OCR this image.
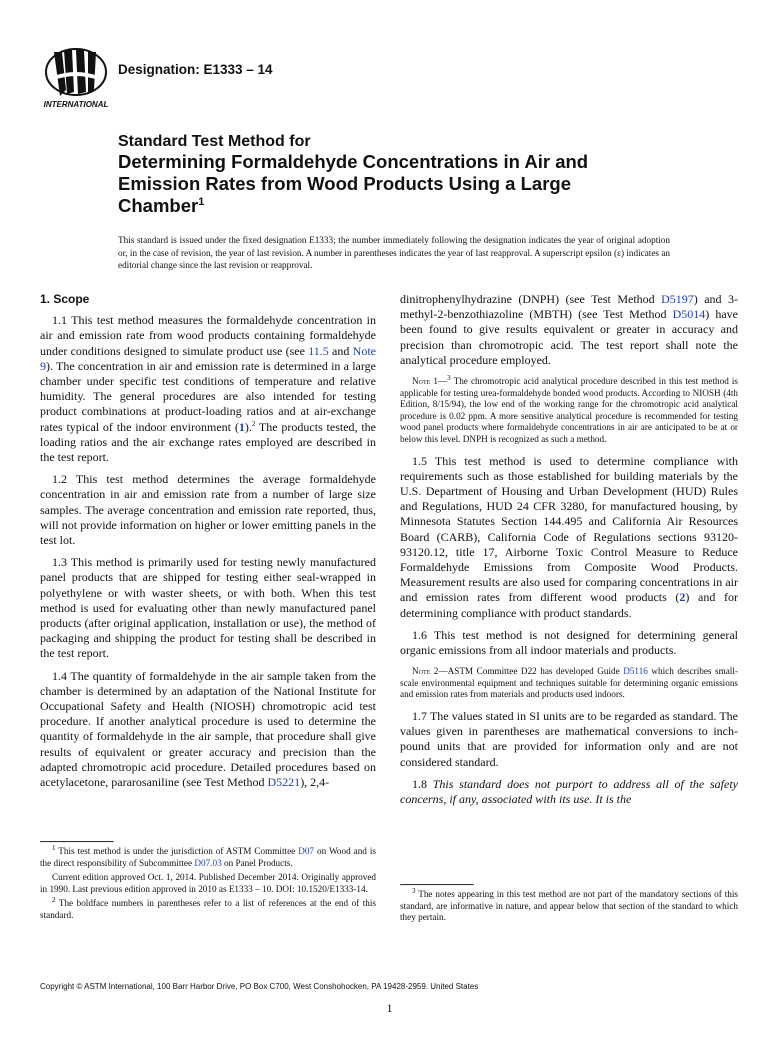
INTERNATIONAL
Designation: E1333 – 14
Standard Test Method for
Determining Formaldehyde Concentrations in Air and
Emission Rates from Wood Products Using a Large
Chamber$^1$
This standard is issued under the fixed designation E1333; the number immediately following the designation indicates the year of original adoption or, in the case of revision, the year of last revision. A number in parentheses indicates the year of last reapproval. A superscript epsilon (ε) indicates an editorial change since the last revision or reapproval.
1. Scope

1.1 This test method measures the formaldehyde concentration in air and emission rate from wood products containing formaldehyde under conditions designed to simulate product use (see 11.5 and Note 9). The concentration in air and emission rate is determined in a large chamber under specific test conditions of temperature and relative humidity. The general procedures are also intended for testing product combinations at product-loading ratios and at air-exchange rates typical of the indoor environment (1).$^2$ The products tested, the loading ratios and the air exchange rates employed are described in the test report.

1.2 This test method determines the average formaldehyde concentration in air and emission rate from a number of large size samples. The average concentration and emission rate reported, thus, will not provide information on higher or lower emitting panels in the test lot.

1.3 This method is primarily used for testing newly manufactured panel products that are shipped for testing either seal-wrapped in polyethylene or with waster sheets, or with both. When this test method is used for evaluating other than newly manufactured panel products (after original application, installation or use), the method of packaging and shipping the product for testing shall be described in the test report.

1.4 The quantity of formaldehyde in the air sample taken from the chamber is determined by an adaptation of the National Institute for Occupational Safety and Health (NIOSH) chromotropic acid test procedure. If another analytical procedure is used to determine the quantity of formaldehyde in the air sample, that procedure shall give results of equivalent or greater accuracy and precision than the adapted chromotropic acid procedure. Detailed procedures based on acetylacetone, pararosaniline (see Test Method D5221), 2,4-

$^1$ This test method is under the jurisdiction of ASTM Committee D07 on Wood and is the direct responsibility of Subcommittee D07.03 on Panel Products.

Current edition approved Oct. 1, 2014. Published December 2014. Originally approved in 1990. Last previous edition approved in 2010 as E1333 – 10. DOI: 10.1520/E1333-14.

$^2$ The boldface numbers in parentheses refer to a list of references at the end of this standard.

dinitrophenylhydrazine (DNPH) (see Test Method D5197) and 3-methyl-2-benzothiazoline (MBTH) (see Test Method D5014) have been found to give results equivalent or greater in accuracy and precision than chromotropic acid. The test report shall note the analytical procedure employed.

Note 1—$^3$ The chromotropic acid analytical procedure described in this test method is applicable for testing urea-formaldehyde bonded wood products. According to NIOSH (4th Edition, 8/15/94), the low end of the working range for the chromotropic acid analytical procedure is 0.02 ppm. A more sensitive analytical procedure is recommended for testing wood panel products where formaldehyde concentrations in air are anticipated to be at or below this level. DNPH is recognized as such a method.

1.5 This test method is used to determine compliance with requirements such as those established for building materials by the U.S. Department of Housing and Urban Development (HUD) Rules and Regulations, HUD 24 CFR 3280, for manufactured housing, by Minnesota Statutes Section 144.495 and California Air Resources Board (CARB), California Code of Regulations sections 93120-93120.12, title 17, Airborne Toxic Control Measure to Reduce Formaldehyde Emissions from Composite Wood Products. Measurement results are also used for comparing concentrations in air and emission rates from different wood products (2) and for determining compliance with product standards.

1.6 This test method is not designed for determining general organic emissions from all indoor materials and products.

Note 2—ASTM Committee D22 has developed Guide D5116 which describes small-scale environmental equipment and techniques suitable for determining organic emissions and emission rates from materials and products used indoors.

1.7 The values stated in SI units are to be regarded as standard. The values given in parentheses are mathematical conversions to inch-pound units that are provided for information only and are not considered standard.

1.8 This standard does not purport to address all of the safety concerns, if any, associated with its use. It is the

$^3$ The notes appearing in this test method are not part of the mandatory sections of this standard, are informative in nature, and appear below that section of the standard to which they pertain.

Copyright © ASTM International, 100 Barr Harbor Drive, PO Box C700, West Conshohocken, PA 19428-2959. United States
1
